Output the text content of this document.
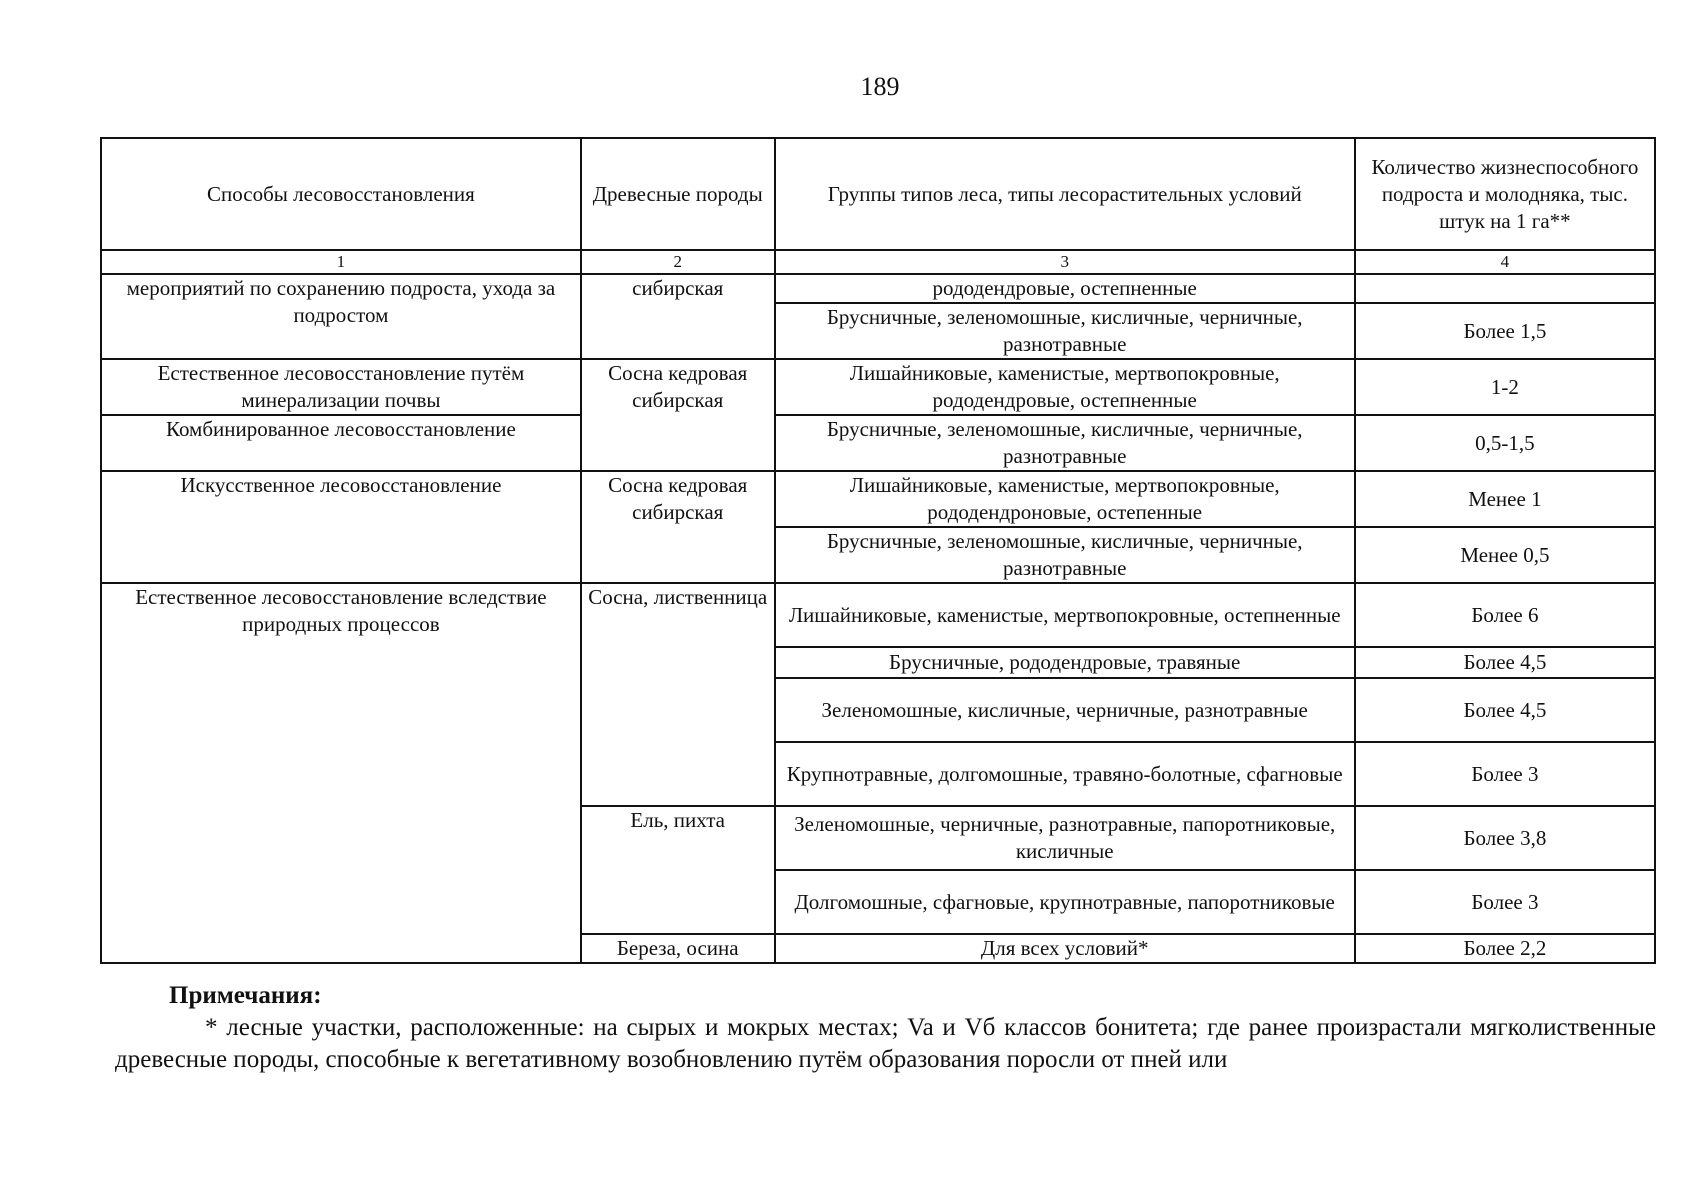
189
Способы лесовосстановления	Древесные породы	Группы типов леса, типы лесорастительных условий	Количество жизнеспособного подроста и молодняка, тыс. штук на 1 га**
1	2	3	4
мероприятий по сохранению подроста, ухода за подростом	сибирская	рододендровые, остепненные	
		Брусничные, зеленомошные, кисличные, черничные, разнотравные	Более 1,5
Естественное лесовосстановление путём минерализации почвы	Сосна кедровая сибирская	Лишайниковые, каменистые, мертвопокровные, рододендровые, остепненные	1-2
Комбинированное лесовосстановление		Брусничные, зеленомошные, кисличные, черничные, разнотравные	0,5-1,5
Искусственное лесовосстановление	Сосна кедровая сибирская	Лишайниковые, каменистые, мертвопокровные, рододендроновые, остепенные	Менее 1
		Брусничные, зеленомошные, кисличные, черничные, разнотравные	Менее 0,5
Естественное лесовосстановление вследствие природных процессов	Сосна, лиственница	Лишайниковые, каменистые, мертвопокровные, остепненные	Более 6
		Брусничные, рододендровые, травяные	Более 4,5
		Зеленомошные, кисличные, черничные, разнотравные	Более 4,5
		Крупнотравные, долгомошные, травяно-болотные, сфагновые	Более 3
	Ель, пихта	Зеленомошные, черничные, разнотравные, папоротниковые, кисличные	Более 3,8
		Долгомошные, сфагновые, крупнотравные, папоротниковые	Более 3
	Береза, осина	Для всех условий*	Более 2,2
Примечания:
* лесные участки, расположенные: на сырых и мокрых местах; Va и Vб классов бонитета; где ранее произрастали мягколиственные древесные породы, способные к вегетативному возобновлению путём образования поросли от пней или
